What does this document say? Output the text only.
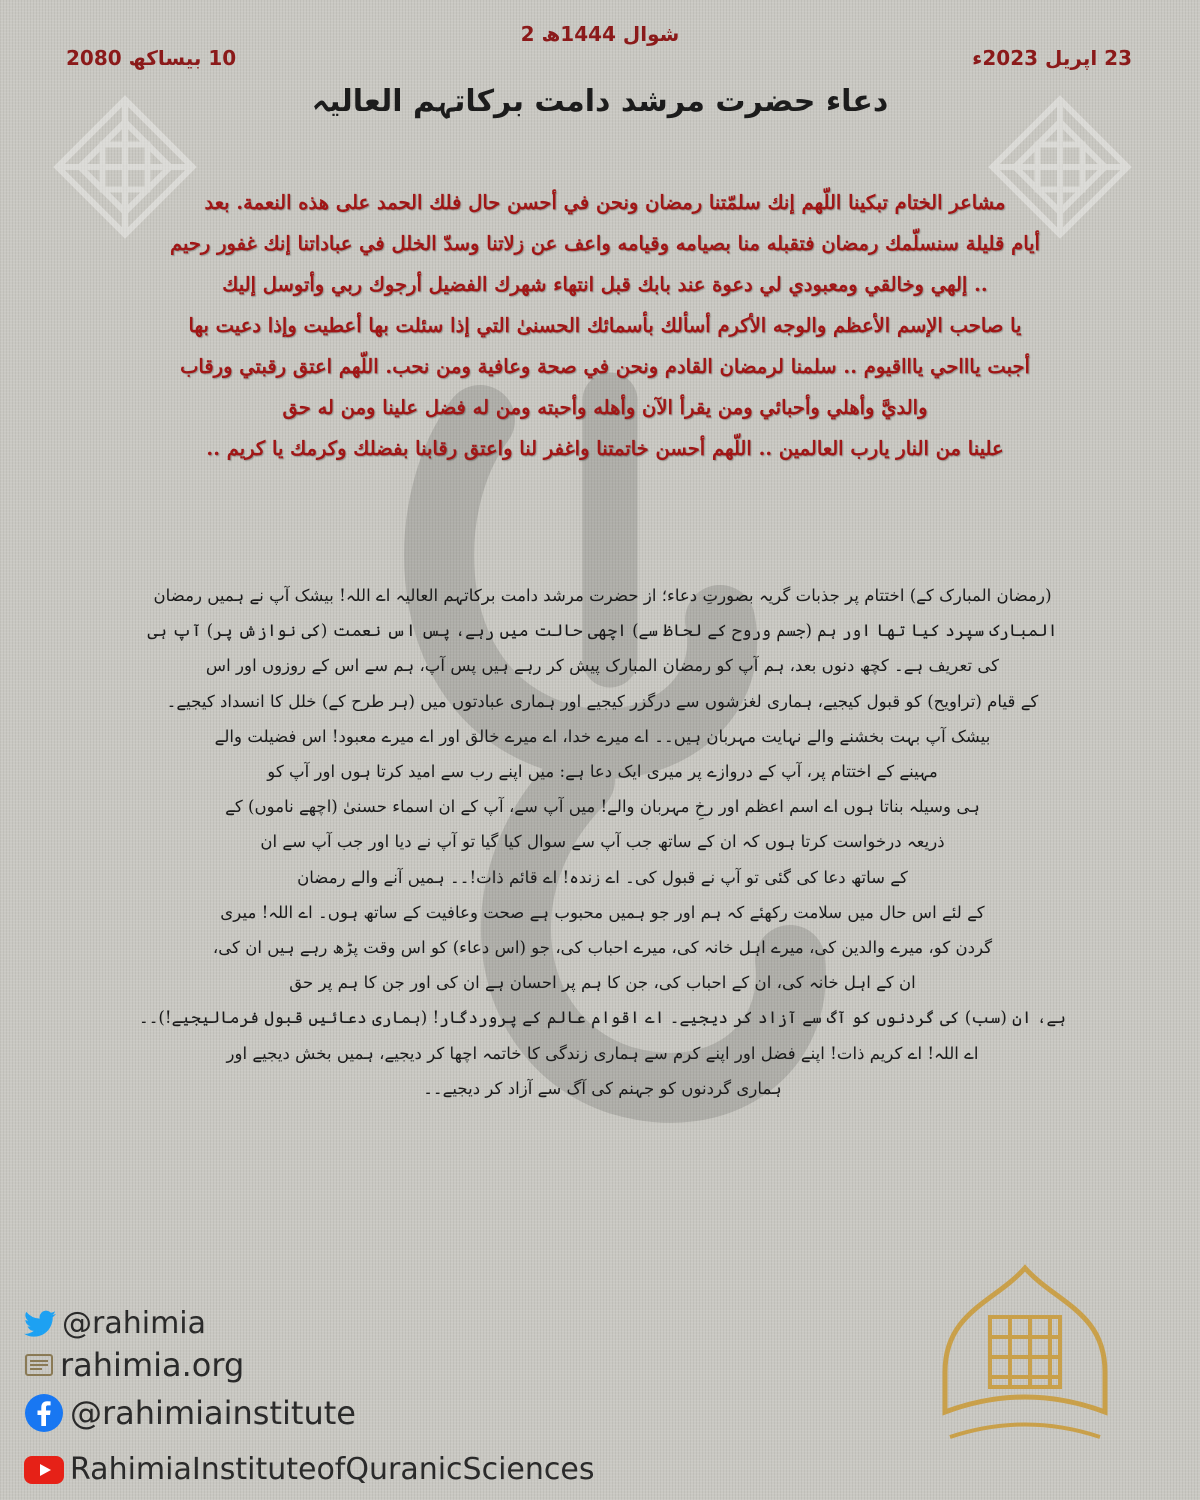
2 شوال 1444ھ
23 اپریل 2023ء
10 بیساکھ 2080
دعاء حضرت مرشد دامت برکاتہم العالیہ
مشاعر الختام تبكينا اللّهم إنك سلمّتنا رمضان ونحن في أحسن حال فلك الحمد على هذه النعمة. بعد
أيام قليلة سنسلّمك رمضان فتقبله منا بصيامه وقيامه واعف عن زلاتنا وسدّ الخلل في عباداتنا إنك غفور رحيم
.. إلهي وخالقي ومعبودي لي دعوة عند بابك قبل انتهاء شهرك الفضيل أرجوك ربي وأتوسل إليك
يا صاحب الإسم الأعظم والوجه الأكرم أسألك بأسمائك الحسنىٰ التي إذا سئلت بها أعطيت وإذا دعيت بها
أجبت ياااحي ياااقيوم .. سلمنا لرمضان القادم ونحن في صحة وعافية ومن نحب. اللّهم اعتق رقبتي ورقاب
والديَّ وأهلي وأحبائي ومن يقرأ الآن وأهله وأحبته ومن له فضل علينا ومن له حق
علينا من النار يارب العالمين .. اللّهم أحسن خاتمتنا واغفر لنا واعتق رقابنا بفضلك وكرمك يا كريم ..
(رمضان المبارک کے) اختتام پر جذبات گریہ بصورتِ دعاء؛ از حضرت مرشد دامت برکاتہم العالیہ اے اللہ! بیشک آپ نے ہمیں رمضان
المبارک سپرد کیا تھا اور ہم (جسم وروح کے لحاظ سے) اچھی حالت میں رہے، پس اس نعمت (کی نوازش پر) آپ ہی
کی تعریف ہے۔ کچھ دنوں بعد، ہم آپ کو رمضان المبارک پیش کر رہے ہیں پس آپ، ہم سے اس کے روزوں اور اس
کے قیام (تراویح) کو قبول کیجیے، ہماری لغزشوں سے درگزر کیجیے اور ہماری عبادتوں میں (ہر طرح کے) خلل کا انسداد کیجیے۔
بیشک آپ بہت بخشنے والے نہایت مہربان ہیں۔۔ اے میرے خدا، اے میرے خالق اور اے میرے معبود! اس فضیلت والے
مہینے کے اختتام پر، آپ کے دروازے پر میری ایک دعا ہے: میں اپنے رب سے امید کرتا ہوں اور آپ کو
ہی وسیلہ بناتا ہوں اے اسم اعظم اور رخِ مہربان والے! میں آپ سے، آپ کے ان اسماء حسنیٰ (اچھے ناموں) کے
ذریعہ درخواست کرتا ہوں کہ ان کے ساتھ جب آپ سے سوال کیا گیا تو آپ نے دیا اور جب آپ سے ان
کے ساتھ دعا کی گئی تو آپ نے قبول کی۔ اے زندہ! اے قائم ذات!۔۔ ہمیں آنے والے رمضان
کے لئے اس حال میں سلامت رکھئے کہ ہم اور جو ہمیں محبوب ہے صحت وعافیت کے ساتھ ہوں۔ اے اللہ! میری
گردن کو، میرے والدین کی، میرے اہل خانہ کی، میرے احباب کی، جو (اس دعاء) کو اس وقت پڑھ رہے ہیں ان کی،
ان کے اہل خانہ کی، ان کے احباب کی، جن کا ہم پر احسان ہے ان کی اور جن کا ہم پر حق
ہے، ان (سب) کی گردنوں کو آگ سے آزاد کر دیجیے۔ اے اقوام عالم کے پروردگار! (ہماری دعائیں قبول فرمالیجیے!)۔۔
اے اللہ! اے کریم ذات! اپنے فضل اور اپنے کرم سے ہماری زندگی کا خاتمہ اچھا کر دیجیے، ہمیں بخش دیجیے اور
ہماری گردنوں کو جہنم کی آگ سے آزاد کر دیجیے۔۔
@rahimia
rahimia.org
@rahimiainstitute
RahimiaInstituteofQuranicSciences
